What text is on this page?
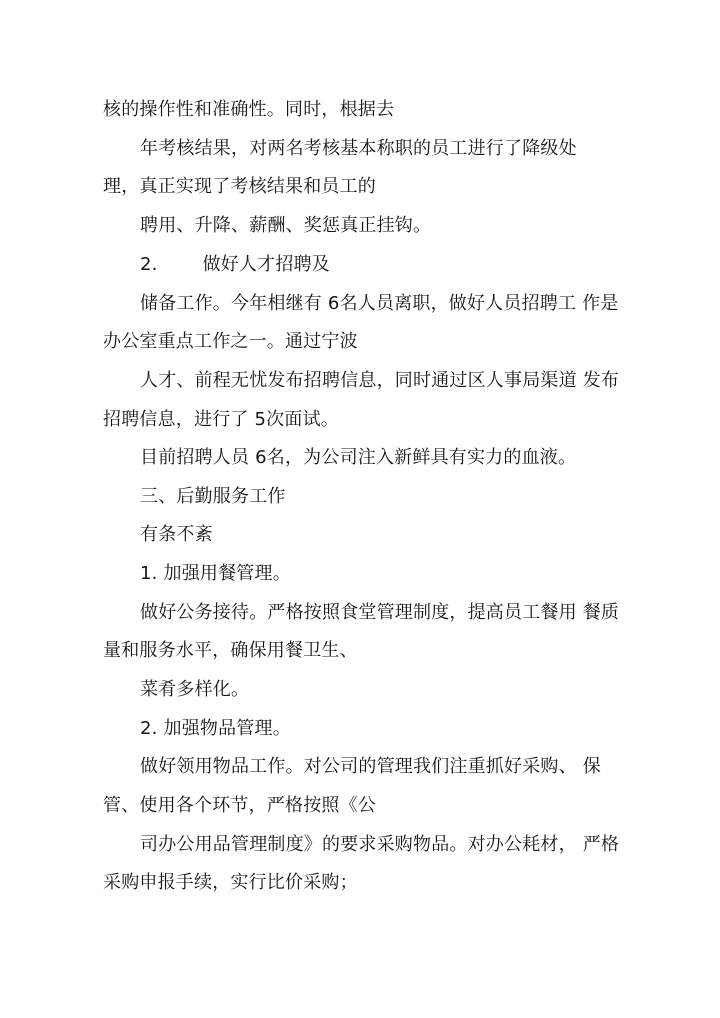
核的操作性和准确性。同时，根据去
年考核结果，对两名考核基本称职的员工进行了降级处
理，真正实现了考核结果和员工的
聘用、升降、薪酬、奖惩真正挂钩。
2.	做好人才招聘及
储备工作。今年相继有 6名人员离职，做好人员招聘工 作是
办公室重点工作之一。通过宁波
人才、前程无忧发布招聘信息，同时通过区人事局渠道 发布
招聘信息，进行了 5次面试。
目前招聘人员 6名，为公司注入新鲜具有实力的血液。
三、后勤服务工作
有条不紊
1. 加强用餐管理。
做好公务接待。严格按照食堂管理制度，提高员工餐用 餐质
量和服务水平，确保用餐卫生、
菜肴多样化。
2. 加强物品管理。
做好领用物品工作。对公司的管理我们注重抓好采购、 保
管、使用各个环节，严格按照《公
司办公用品管理制度》的要求采购物品。对办公耗材， 严格
采购申报手续，实行比价采购；
